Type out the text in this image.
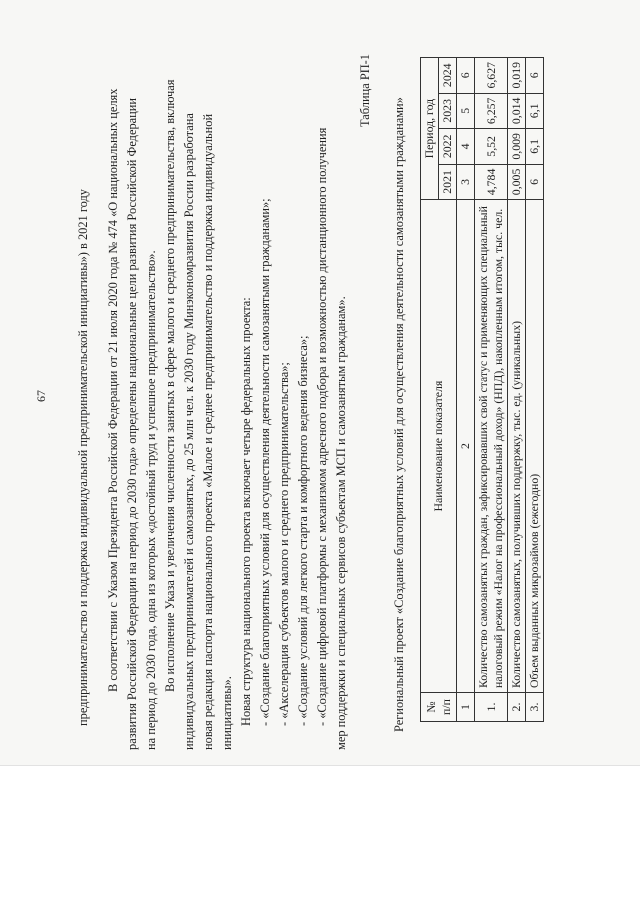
67 предпринимательство и поддержка индивидуальной предпринимательской инициативы») в 2021 году В соответствии с Указом Президента Российской Федерации от 21 июля 2020 года № 474 «О национальных целях развития Российской Федерации на период до 2030 года» определены национальные цели развития Российской Федерации на период до 2030 года, одна из которых «достойный труд и успешное предпринимательство». Во исполнение Указа и увеличения численности занятых в сфере малого и среднего предпринимательства, включая индивидуальных предпринимателей и самозанятых, до 25 млн чел. к 2030 году Минэкономразвития России разработана новая редакция паспорта национального проекта «Малое и среднее предпринимательство и поддержка индивидуальной инициативы». Новая структура национального проекта включает четыре федеральных проекта: - «Создание благоприятных условий для осуществления деятельности самозанятыми гражданами»; - «Акселерация субъектов малого и среднего предпринимательства»; - «Создание условий для легкого старта и комфортного ведения бизнеса»; - «Создание цифровой платформы с механизмом адресного подбора и возможностью дистанционного получения мер поддержки и специальных сервисов субъектам МСП и самозанятым гражданам».
Таблица РП-1
Региональный проект «Создание благоприятных условий для осуществления деятельности самозанятыми гражданами» № п/п	Наименование показателя	Период, год			
		2021	2022	2023	2024
1	2	3	4	5	6
1.	Количество самозанятых граждан, зафиксировавших свой статус и применяющих специальный налоговый режим «Налог на профессиональный доход» (НПД), накопленным итогом, тыс. чел.	4,784	5,52	6,257	6,627
2.	Количество самозанятых, получивших поддержку, тыс. ед. (уникальных)	0,005	0,009	0,014	0,019
3.	Объем выданных микрозаймов (ежегодно)	6	6,1	6,1	6
